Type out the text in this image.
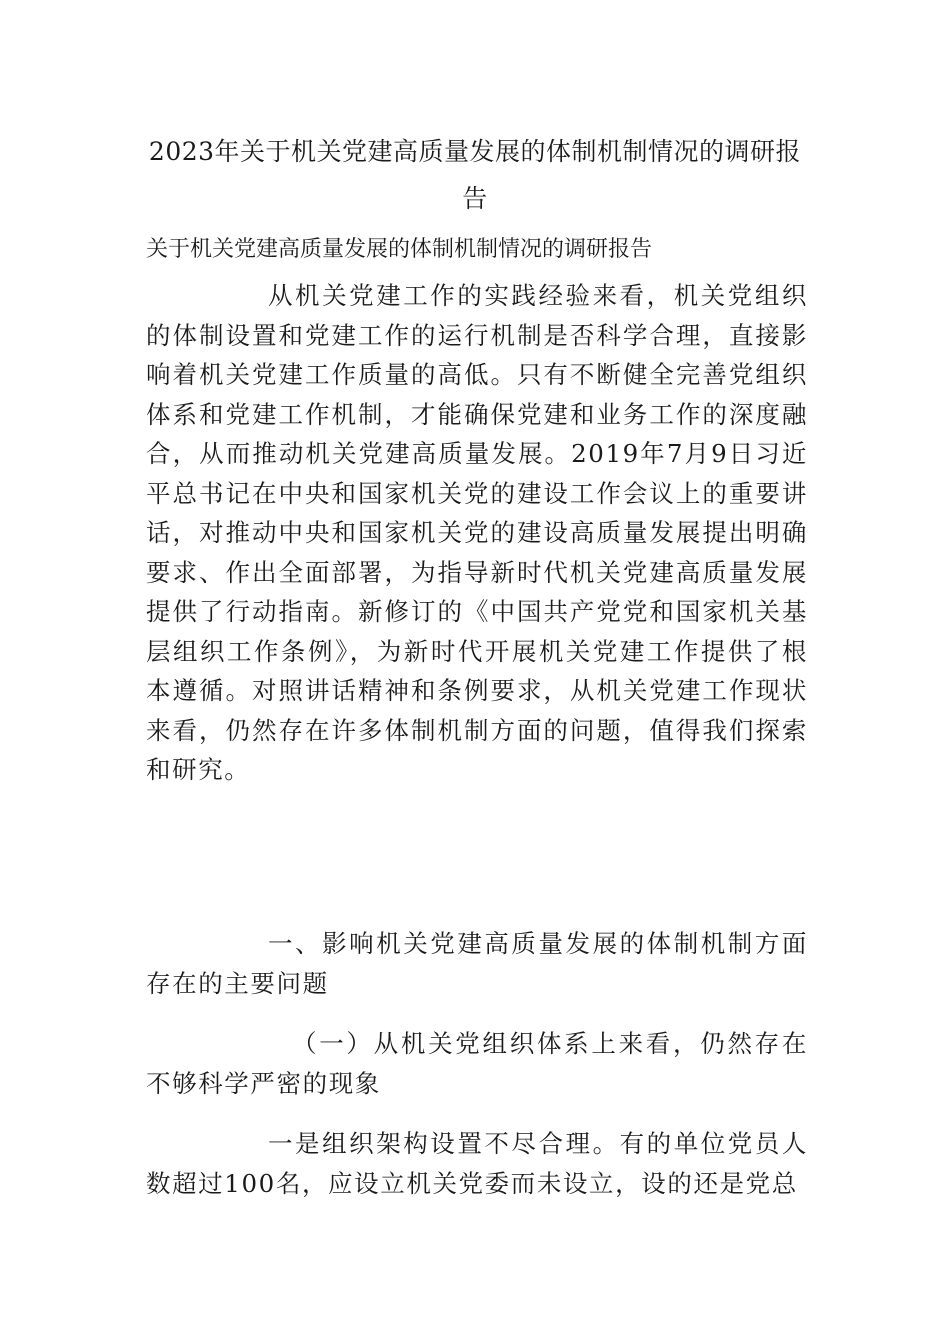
2023年关于机关党建高质量发展的体制机制情况的调研报告

关于机关党建高质量发展的体制机制情况的调研报告

从机关党建工作的实践经验来看，机关党组织的体制设置和党建工作的运行机制是否科学合理，直接影响着机关党建工作质量的高低。只有不断健全完善党组织体系和党建工作机制，才能确保党建和业务工作的深度融合，从而推动机关党建高质量发展。2019年7月9日习近平总书记在中央和国家机关党的建设工作会议上的重要讲话，对推动中央和国家机关党的建设高质量发展提出明确要求、作出全面部署，为指导新时代机关党建高质量发展提供了行动指南。新修订的《中国共产党党和国家机关基层组织工作条例》，为新时代开展机关党建工作提供了根本遵循。对照讲话精神和条例要求，从机关党建工作现状来看，仍然存在许多体制机制方面的问题，值得我们探索和研究。

一、影响机关党建高质量发展的体制机制方面存在的主要问题

（一）从机关党组织体系上来看，仍然存在不够科学严密的现象

一是组织架构设置不尽合理。有的单位党员人数超过100名，应设立机关党委而未设立，设的还是党总
